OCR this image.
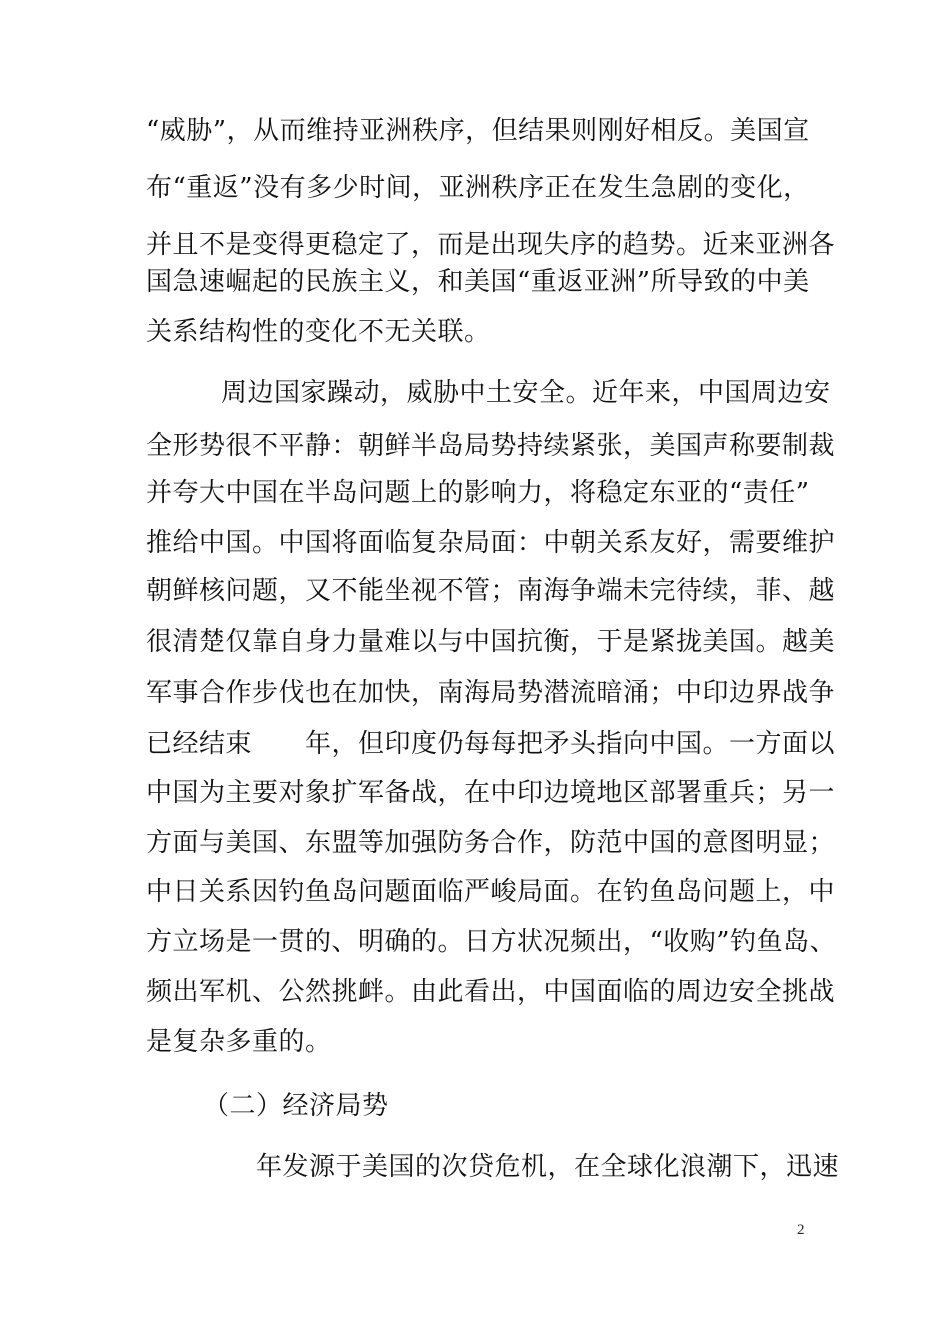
“威胁”，从而维持亚洲秩序，但结果则刚好相反。美国宣
布“重返”没有多少时间，亚洲秩序正在发生急剧的变化，
并且不是变得更稳定了，而是出现失序的趋势。近来亚洲各
国急速崛起的民族主义，和美国“重返亚洲”所导致的中美
关系结构性的变化不无关联。
周边国家躁动，威胁中土安全。近年来，中国周边安
全形势很不平静：朝鲜半岛局势持续紧张，美国声称要制裁
并夸大中国在半岛问题上的影响力，将稳定东亚的“责任”
推给中国。中国将面临复杂局面：中朝关系友好，需要维护
朝鲜核问题，又不能坐视不管；南海争端未完待续，菲、越
很清楚仅靠自身力量难以与中国抗衡，于是紧拢美国。越美
军事合作步伐也在加快，南海局势潜流暗涌；中印边界战争
已经结束　　年，但印度仍每每把矛头指向中国。一方面以
中国为主要对象扩军备战，在中印边境地区部署重兵；另一
方面与美国、东盟等加强防务合作，防范中国的意图明显；
中日关系因钓鱼岛问题面临严峻局面。在钓鱼岛问题上，中
方立场是一贯的、明确的。日方状况频出，“收购”钓鱼岛、
频出军机、公然挑衅。由此看出，中国面临的周边安全挑战
是复杂多重的。
（二）经济局势
年发源于美国的次贷危机，在全球化浪潮下，迅速
2
